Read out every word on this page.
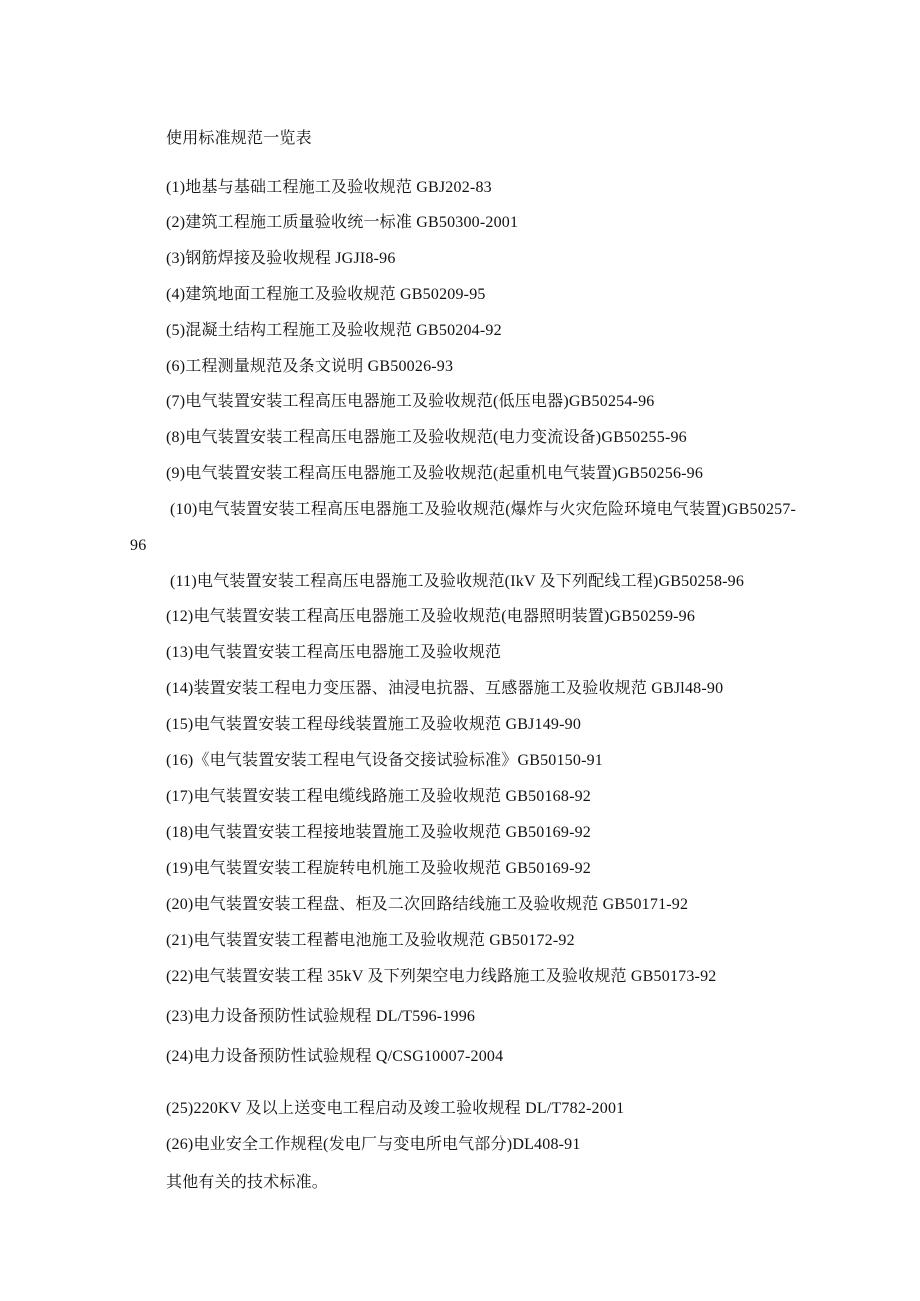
使用标准规范一览表
(1)地基与基础工程施工及验收规范 GBJ202-83
(2)建筑工程施工质量验收统一标准 GB50300-2001
(3)钢筋焊接及验收规程 JGJI8-96
(4)建筑地面工程施工及验收规范 GB50209-95
(5)混凝土结构工程施工及验收规范 GB50204-92
(6)工程测量规范及条文说明 GB50026-93
(7)电气装置安装工程高压电器施工及验收规范(低压电器)GB50254-96
(8)电气装置安装工程高压电器施工及验收规范(电力变流设备)GB50255-96
(9)电气装置安装工程高压电器施工及验收规范(起重机电气装置)GB50256-96
(10)电气装置安装工程高压电器施工及验收规范(爆炸与火灾危险环境电气装置)GB50257-
96
(11)电气装置安装工程高压电器施工及验收规范(IkV 及下列配线工程)GB50258-96
(12)电气装置安装工程高压电器施工及验收规范(电器照明装置)GB50259-96
(13)电气装置安装工程高压电器施工及验收规范
(14)装置安装工程电力变压器、油浸电抗器、互感器施工及验收规范 GBJl48-90
(15)电气装置安装工程母线装置施工及验收规范 GBJ149-90
(16)《电气装置安装工程电气设备交接试验标准》GB50150-91
(17)电气装置安装工程电缆线路施工及验收规范 GB50168-92
(18)电气装置安装工程接地装置施工及验收规范 GB50169-92
(19)电气装置安装工程旋转电机施工及验收规范 GB50169-92
(20)电气装置安装工程盘、柜及二次回路结线施工及验收规范 GB50171-92
(21)电气装置安装工程蓄电池施工及验收规范 GB50172-92
(22)电气装置安装工程 35kV 及下列架空电力线路施工及验收规范 GB50173-92
(23)电力设备预防性试验规程 DL/T596-1996
(24)电力设备预防性试验规程 Q/CSG10007-2004
(25)220KV 及以上送变电工程启动及竣工验收规程 DL/T782-2001
(26)电业安全工作规程(发电厂与变电所电气部分)DL408-91
其他有关的技术标准。
